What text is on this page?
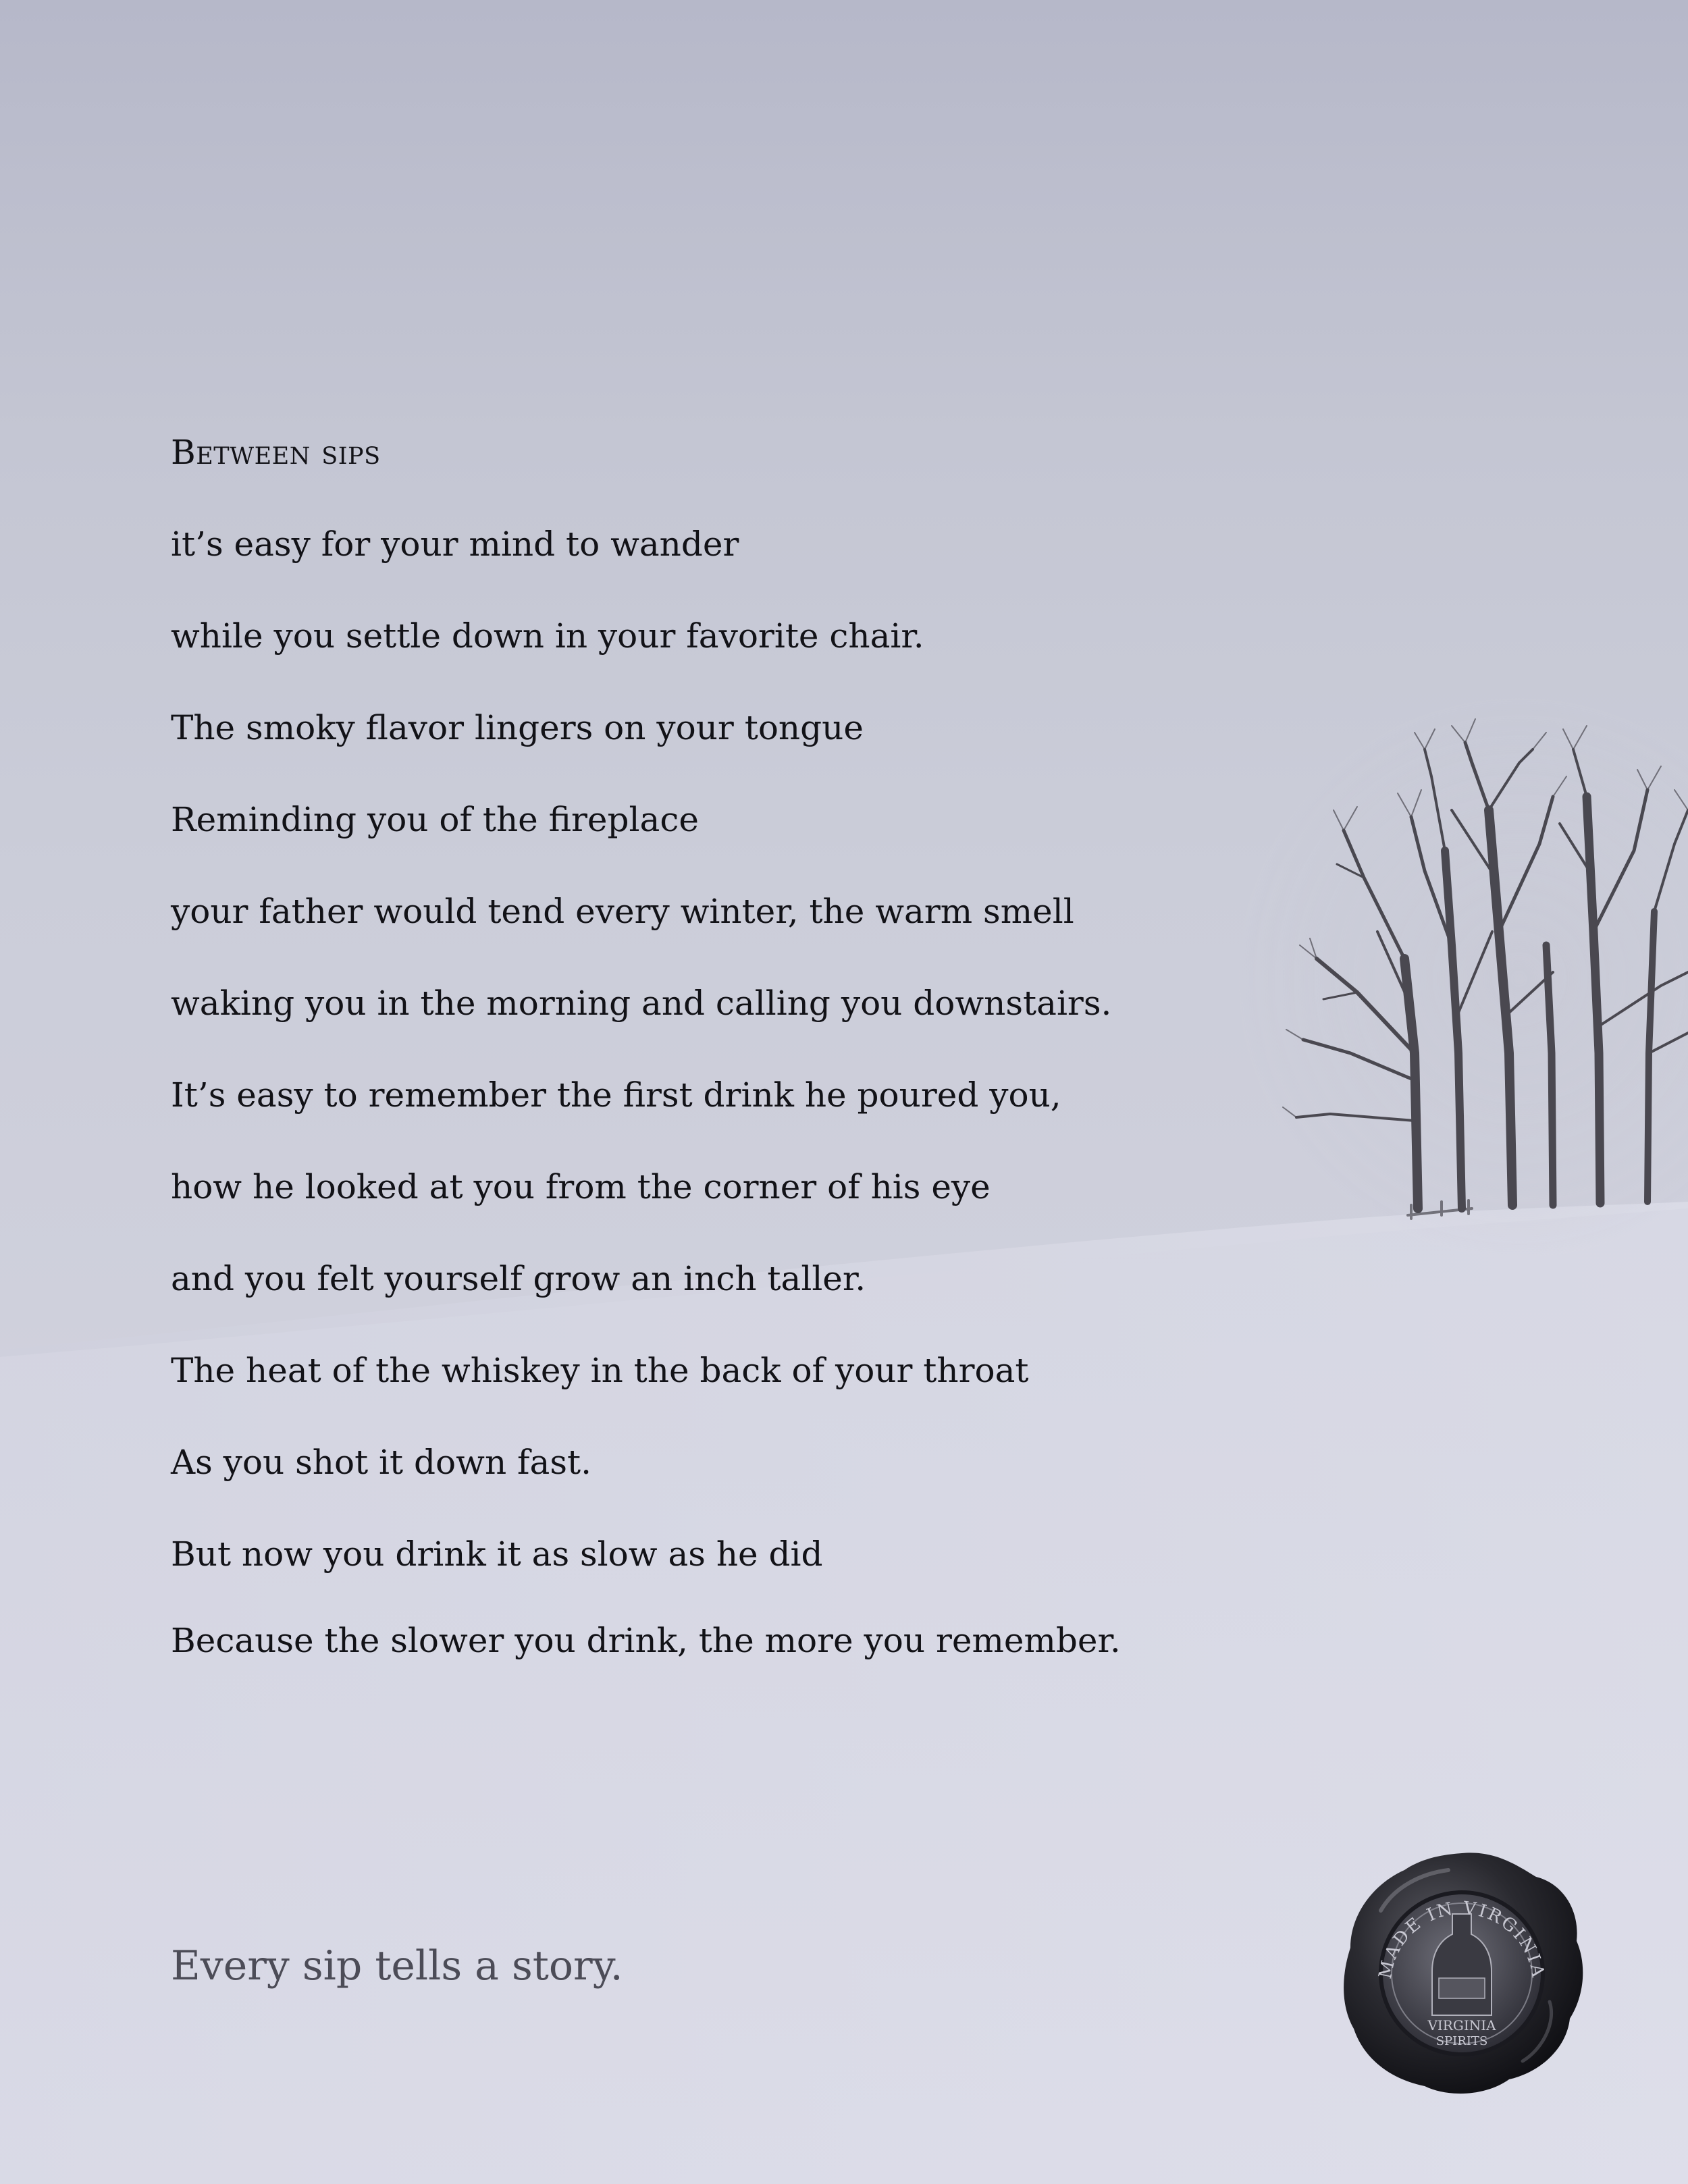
Between sips

it’s easy for your mind to wander
while you settle down in your favorite chair.
The smoky flavor lingers on your tongue
Reminding you of the fireplace
your father would tend every winter, the warm smell
waking you in the morning and calling you downstairs.
It’s easy to remember the first drink he poured you,
how he looked at you from the corner of his eye
and you felt yourself grow an inch taller.
The heat of the whiskey in the back of your throat
As you shot it down fast.
But now you drink it as slow as he did
Because the slower you drink, the more you remember.
Every sip tells a story.	MADE IN VIRGINIA
VIRGINIA
SPIRITS
